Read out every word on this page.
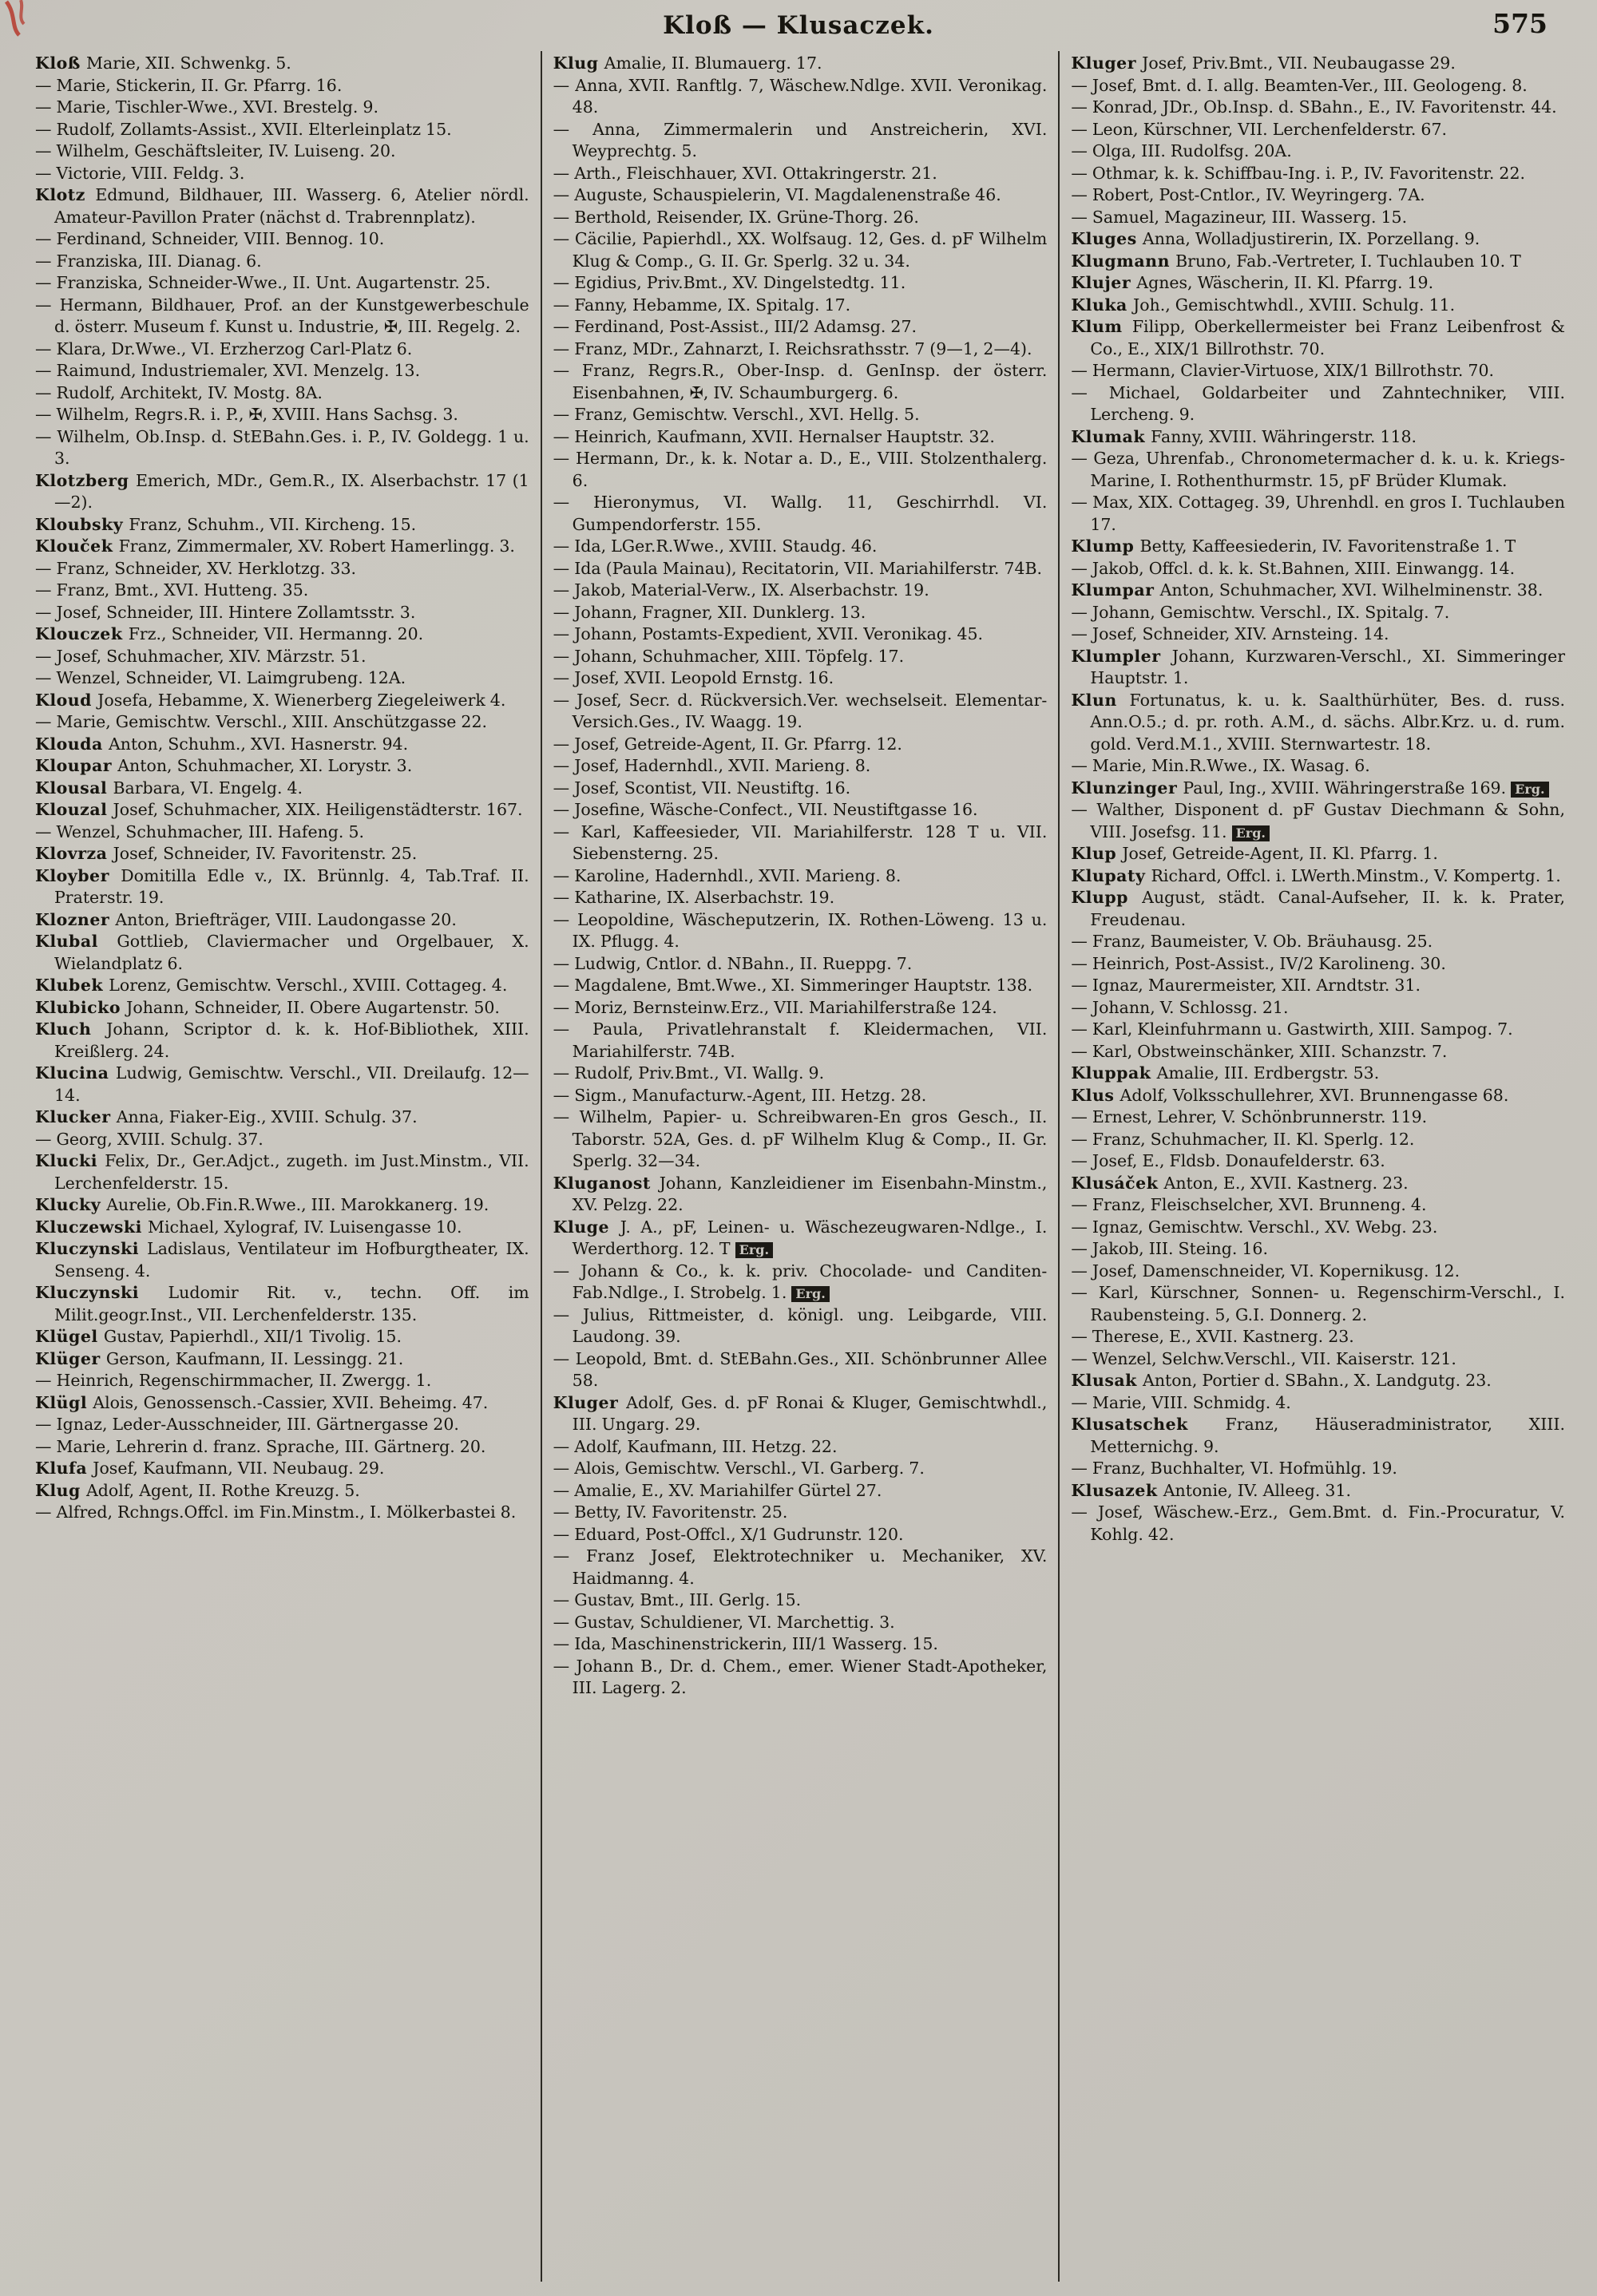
Kloß — Klusaczek.	575
Kloß Marie, XII. Schwenkg. 5.
— Marie, Stickerin, II. Gr. Pfarrg. 16.
— Marie, Tischler-Wwe., XVI. Brestelg. 9.
— Rudolf, Zollamts-Assist., XVII. Elterleinplatz 15.
— Wilhelm, Geschäftsleiter, IV. Luiseng. 20.
— Victorie, VIII. Feldg. 3.
Klotz Edmund, Bildhauer, III. Wasserg. 6, Atelier nördl. Amateur-Pavillon Prater (nächst d. Trabrennplatz).
— Ferdinand, Schneider, VIII. Bennog. 10.
— Franziska, III. Dianag. 6.
— Franziska, Schneider-Wwe., II. Unt. Augartenstr. 25.
— Hermann, Bildhauer, Prof. an der Kunstgewerbeschule d. österr. Museum f. Kunst u. Industrie, ✠, III. Regelg. 2.
— Klara, Dr.Wwe., VI. Erzherzog Carl-Platz 6.
— Raimund, Industriemaler, XVI. Menzelg. 13.
— Rudolf, Architekt, IV. Mostg. 8A.
— Wilhelm, Regrs.R. i. P., ✠, XVIII. Hans Sachsg. 3.
— Wilhelm, Ob.Insp. d. StEBahn.Ges. i. P., IV. Goldegg. 1 u. 3.
Klotzberg Emerich, MDr., Gem.R., IX. Alserbachstr. 17 (1—2).
Kloubsky Franz, Schuhm., VII. Kircheng. 15.
Klouček Franz, Zimmermaler, XV. Robert Hamerlingg. 3.
— Franz, Schneider, XV. Herklotzg. 33.
— Franz, Bmt., XVI. Hutteng. 35.
— Josef, Schneider, III. Hintere Zollamtsstr. 3.
Klouczek Frz., Schneider, VII. Hermanng. 20.
— Josef, Schuhmacher, XIV. Märzstr. 51.
— Wenzel, Schneider, VI. Laimgrubeng. 12A.
Kloud Josefa, Hebamme, X. Wienerberg Ziegeleiwerk 4.
— Marie, Gemischtw. Verschl., XIII. Anschützgasse 22.
Klouda Anton, Schuhm., XVI. Hasnerstr. 94.
Kloupar Anton, Schuhmacher, XI. Lorystr. 3.
Klousal Barbara, VI. Engelg. 4.
Klouzal Josef, Schuhmacher, XIX. Heiligenstädterstr. 167.
— Wenzel, Schuhmacher, III. Hafeng. 5.
Klovrza Josef, Schneider, IV. Favoritenstr. 25.
Kloyber Domitilla Edle v., IX. Brünnlg. 4, Tab.Traf. II. Praterstr. 19.
Klozner Anton, Briefträger, VIII. Laudongasse 20.
Klubal Gottlieb, Claviermacher und Orgelbauer, X. Wielandplatz 6.
Klubek Lorenz, Gemischtw. Verschl., XVIII. Cottageg. 4.
Klubicko Johann, Schneider, II. Obere Augartenstr. 50.
Kluch Johann, Scriptor d. k. k. Hof-Bibliothek, XIII. Kreißlerg. 24.
Klucina Ludwig, Gemischtw. Verschl., VII. Dreilaufg. 12—14.
Klucker Anna, Fiaker-Eig., XVIII. Schulg. 37.
— Georg, XVIII. Schulg. 37.
Klucki Felix, Dr., Ger.Adjct., zugeth. im Just.Minstm., VII. Lerchenfelderstr. 15.
Klucky Aurelie, Ob.Fin.R.Wwe., III. Marokkanerg. 19.
Kluczewski Michael, Xylograf, IV. Luisengasse 10.
Kluczynski Ladislaus, Ventilateur im Hofburgtheater, IX. Senseng. 4.
Kluczynski Ludomir Rit. v., techn. Off. im Milit.geogr.Inst., VII. Lerchenfelderstr. 135.
Klügel Gustav, Papierhdl., XII/1 Tivolig. 15.
Klüger Gerson, Kaufmann, II. Lessingg. 21.
— Heinrich, Regenschirmmacher, II. Zwergg. 1.
Klügl Alois, Genossensch.-Cassier, XVII. Beheimg. 47.
— Ignaz, Leder-Ausschneider, III. Gärtnergasse 20.
— Marie, Lehrerin d. franz. Sprache, III. Gärtnerg. 20.
Klufa Josef, Kaufmann, VII. Neubaug. 29.
Klug Adolf, Agent, II. Rothe Kreuzg. 5.
— Alfred, Rchngs.Offcl. im Fin.Minstm., I. Mölkerbastei 8.
Klug Amalie, II. Blumauerg. 17.
— Anna, XVII. Ranftlg. 7, Wäschew.Ndlge. XVII. Veronikag. 48.
— Anna, Zimmermalerin und Anstreicherin, XVI. Weyprechtg. 5.
— Arth., Fleischhauer, XVI. Ottakringerstr. 21.
— Auguste, Schauspielerin, VI. Magdalenenstraße 46.
— Berthold, Reisender, IX. Grüne-Thorg. 26.
— Cäcilie, Papierhdl., XX. Wolfsaug. 12, Ges. d. pF Wilhelm Klug & Comp., G. II. Gr. Sperlg. 32 u. 34.
— Egidius, Priv.Bmt., XV. Dingelstedtg. 11.
— Fanny, Hebamme, IX. Spitalg. 17.
— Ferdinand, Post-Assist., III/2 Adamsg. 27.
— Franz, MDr., Zahnarzt, I. Reichsrathsstr. 7 (9—1, 2—4).
— Franz, Regrs.R., Ober-Insp. d. GenInsp. der österr. Eisenbahnen, ✠, IV. Schaumburgerg. 6.
— Franz, Gemischtw. Verschl., XVI. Hellg. 5.
— Heinrich, Kaufmann, XVII. Hernalser Hauptstr. 32.
— Hermann, Dr., k. k. Notar a. D., E., VIII. Stolzenthalerg. 6.
— Hieronymus, VI. Wallg. 11, Geschirrhdl. VI. Gumpendorferstr. 155.
— Ida, LGer.R.Wwe., XVIII. Staudg. 46.
— Ida (Paula Mainau), Recitatorin, VII. Mariahilferstr. 74B.
— Jakob, Material-Verw., IX. Alserbachstr. 19.
— Johann, Fragner, XII. Dunklerg. 13.
— Johann, Postamts-Expedient, XVII. Veronikag. 45.
— Johann, Schuhmacher, XIII. Töpfelg. 17.
— Josef, XVII. Leopold Ernstg. 16.
— Josef, Secr. d. Rückversich.Ver. wechselseit. Elementar-Versich.Ges., IV. Waagg. 19.
— Josef, Getreide-Agent, II. Gr. Pfarrg. 12.
— Josef, Hadernhdl., XVII. Marieng. 8.
— Josef, Scontist, VII. Neustiftg. 16.
— Josefine, Wäsche-Confect., VII. Neustiftgasse 16.
— Karl, Kaffeesieder, VII. Mariahilferstr. 128 T u. VII. Siebensterng. 25.
— Karoline, Hadernhdl., XVII. Marieng. 8.
— Katharine, IX. Alserbachstr. 19.
— Leopoldine, Wäscheputzerin, IX. Rothen-Löweng. 13 u. IX. Pflugg. 4.
— Ludwig, Cntlor. d. NBahn., II. Rueppg. 7.
— Magdalene, Bmt.Wwe., XI. Simmeringer Hauptstr. 138.
— Moriz, Bernsteinw.Erz., VII. Mariahilferstraße 124.
— Paula, Privatlehranstalt f. Kleidermachen, VII. Mariahilferstr. 74B.
— Rudolf, Priv.Bmt., VI. Wallg. 9.
— Sigm., Manufacturw.-Agent, III. Hetzg. 28.
— Wilhelm, Papier- u. Schreibwaren-En gros Gesch., II. Taborstr. 52A, Ges. d. pF Wilhelm Klug & Comp., II. Gr. Sperlg. 32—34.
Kluganost Johann, Kanzleidiener im Eisenbahn-Minstm., XV. Pelzg. 22.
Kluge J. A., pF, Leinen- u. Wäschezeugwaren-Ndlge., I. Werderthorg. 12. T Erg.
— Johann & Co., k. k. priv. Chocolade- und Canditen-Fab.Ndlge., I. Strobelg. 1. Erg.
— Julius, Rittmeister, d. königl. ung. Leibgarde, VIII. Laudong. 39.
— Leopold, Bmt. d. StEBahn.Ges., XII. Schönbrunner Allee 58.
Kluger Adolf, Ges. d. pF Ronai & Kluger, Gemischtwhdl., III. Ungarg. 29.
— Adolf, Kaufmann, III. Hetzg. 22.
— Alois, Gemischtw. Verschl., VI. Garberg. 7.
— Amalie, E., XV. Mariahilfer Gürtel 27.
— Betty, IV. Favoritenstr. 25.
— Eduard, Post-Offcl., X/1 Gudrunstr. 120.
— Franz Josef, Elektrotechniker u. Mechaniker, XV. Haidmanng. 4.
— Gustav, Bmt., III. Gerlg. 15.
— Gustav, Schuldiener, VI. Marchettig. 3.
— Ida, Maschinenstrickerin, III/1 Wasserg. 15.
— Johann B., Dr. d. Chem., emer. Wiener Stadt-Apotheker, III. Lagerg. 2.
Kluger Josef, Priv.Bmt., VII. Neubaugasse 29.
— Josef, Bmt. d. I. allg. Beamten-Ver., III. Geologeng. 8.
— Konrad, JDr., Ob.Insp. d. SBahn., E., IV. Favoritenstr. 44.
— Leon, Kürschner, VII. Lerchenfelderstr. 67.
— Olga, III. Rudolfsg. 20A.
— Othmar, k. k. Schiffbau-Ing. i. P., IV. Favoritenstr. 22.
— Robert, Post-Cntlor., IV. Weyringerg. 7A.
— Samuel, Magazineur, III. Wasserg. 15.
Kluges Anna, Wolladjustirerin, IX. Porzellang. 9.
Klugmann Bruno, Fab.-Vertreter, I. Tuchlauben 10. T
Klujer Agnes, Wäscherin, II. Kl. Pfarrg. 19.
Kluka Joh., Gemischtwhdl., XVIII. Schulg. 11.
Klum Filipp, Oberkellermeister bei Franz Leibenfrost & Co., E., XIX/1 Billrothstr. 70.
— Hermann, Clavier-Virtuose, XIX/1 Billrothstr. 70.
— Michael, Goldarbeiter und Zahntechniker, VIII. Lercheng. 9.
Klumak Fanny, XVIII. Währingerstr. 118.
— Geza, Uhrenfab., Chronometermacher d. k. u. k. Kriegs-Marine, I. Rothenthurmstr. 15, pF Brüder Klumak.
— Max, XIX. Cottageg. 39, Uhrenhdl. en gros I. Tuchlauben 17.
Klump Betty, Kaffeesiederin, IV. Favoritenstraße 1. T
— Jakob, Offcl. d. k. k. St.Bahnen, XIII. Einwangg. 14.
Klumpar Anton, Schuhmacher, XVI. Wilhelminenstr. 38.
— Johann, Gemischtw. Verschl., IX. Spitalg. 7.
— Josef, Schneider, XIV. Arnsteing. 14.
Klumpler Johann, Kurzwaren-Verschl., XI. Simmeringer Hauptstr. 1.
Klun Fortunatus, k. u. k. Saalthürhüter, Bes. d. russ. Ann.O.5.; d. pr. roth. A.M., d. sächs. Albr.Krz. u. d. rum. gold. Verd.M.1., XVIII. Sternwartestr. 18.
— Marie, Min.R.Wwe., IX. Wasag. 6.
Klunzinger Paul, Ing., XVIII. Währingerstraße 169. Erg.
— Walther, Disponent d. pF Gustav Diechmann & Sohn, VIII. Josefsg. 11. Erg.
Klup Josef, Getreide-Agent, II. Kl. Pfarrg. 1.
Klupaty Richard, Offcl. i. LWerth.Minstm., V. Kompertg. 1.
Klupp August, städt. Canal-Aufseher, II. k. k. Prater, Freudenau.
— Franz, Baumeister, V. Ob. Bräuhausg. 25.
— Heinrich, Post-Assist., IV/2 Karolineng. 30.
— Ignaz, Maurermeister, XII. Arndtstr. 31.
— Johann, V. Schlossg. 21.
— Karl, Kleinfuhrmann u. Gastwirth, XIII. Sampog. 7.
— Karl, Obstweinschänker, XIII. Schanzstr. 7.
Kluppak Amalie, III. Erdbergstr. 53.
Klus Adolf, Volksschullehrer, XVI. Brunnengasse 68.
— Ernest, Lehrer, V. Schönbrunnerstr. 119.
— Franz, Schuhmacher, II. Kl. Sperlg. 12.
— Josef, E., Fldsb. Donaufelderstr. 63.
Klusáček Anton, E., XVII. Kastnerg. 23.
— Franz, Fleischselcher, XVI. Brunneng. 4.
— Ignaz, Gemischtw. Verschl., XV. Webg. 23.
— Jakob, III. Steing. 16.
— Josef, Damenschneider, VI. Kopernikusg. 12.
— Karl, Kürschner, Sonnen- u. Regenschirm-Verschl., I. Raubensteing. 5, G.I. Donnerg. 2.
— Therese, E., XVII. Kastnerg. 23.
— Wenzel, Selchw.Verschl., VII. Kaiserstr. 121.
Klusak Anton, Portier d. SBahn., X. Landgutg. 23.
— Marie, VIII. Schmidg. 4.
Klusatschek Franz, Häuseradministrator, XIII. Metternichg. 9.
— Franz, Buchhalter, VI. Hofmühlg. 19.
Klusazek Antonie, IV. Alleeg. 31.
— Josef, Wäschew.-Erz., Gem.Bmt. d. Fin.-Procuratur, V. Kohlg. 42.
